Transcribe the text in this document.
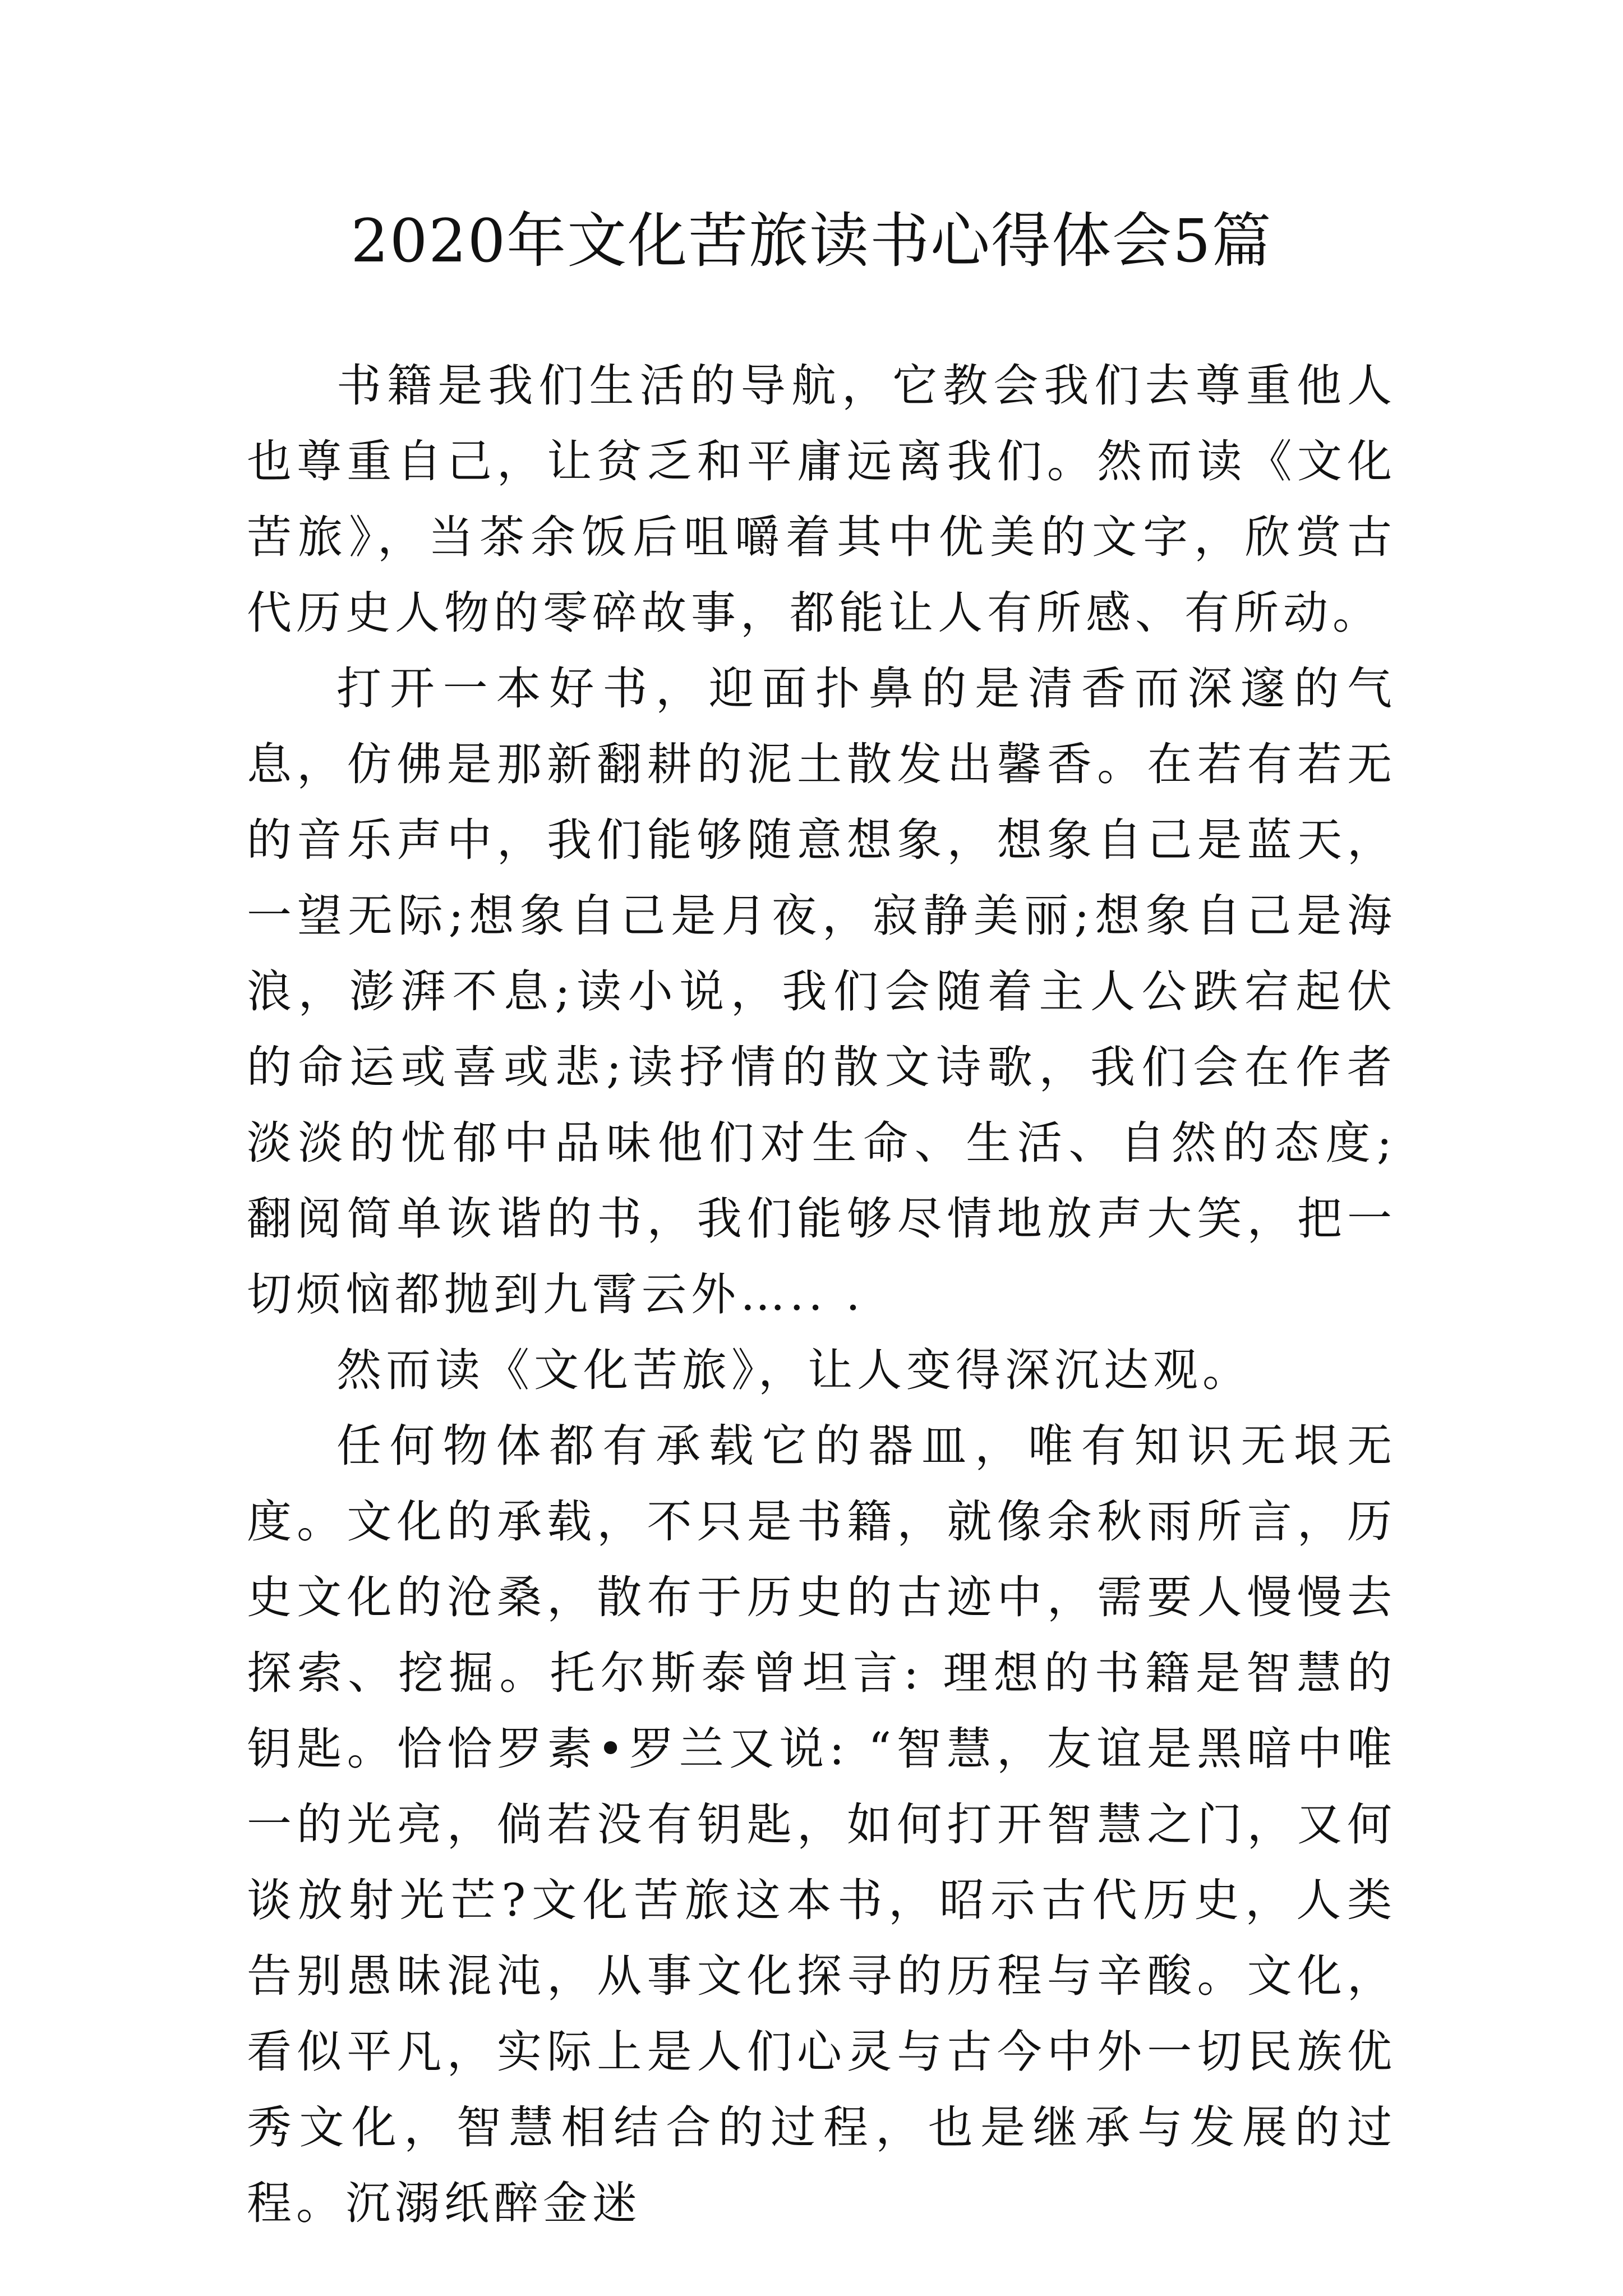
2020年文化苦旅读书心得体会5篇

书籍是我们生活的导航，它教会我们去尊重他人也尊重自己，让贫乏和平庸远离我们。然而读《文化苦旅》，当茶余饭后咀嚼着其中优美的文字，欣赏古代历史人物的零碎故事，都能让人有所感、有所动。

打开一本好书，迎面扑鼻的是清香而深邃的气息，仿佛是那新翻耕的泥土散发出馨香。在若有若无的音乐声中，我们能够随意想象，想象自己是蓝天，一望无际;想象自己是月夜，寂静美丽;想象自己是海浪，澎湃不息;读小说，我们会随着主人公跌宕起伏的命运或喜或悲;读抒情的散文诗歌，我们会在作者淡淡的忧郁中品味他们对生命、生活、自然的态度;翻阅简单诙谐的书，我们能够尽情地放声大笑，把一切烦恼都抛到九霄云外….. .

然而读《文化苦旅》，让人变得深沉达观。

任何物体都有承载它的器皿，唯有知识无垠无度。文化的承载，不只是书籍，就像余秋雨所言，历史文化的沧桑，散布于历史的古迹中，需要人慢慢去探索、挖掘。托尔斯泰曾坦言: 理想的书籍是智慧的钥匙。恰恰罗素•罗兰又说: “智慧，友谊是黑暗中唯一的光亮，倘若没有钥匙，如何打开智慧之门，又何谈放射光芒?文化苦旅这本书，昭示古代历史，人类告别愚昧混沌，从事文化探寻的历程与辛酸。文化，看似平凡，实际上是人们心灵与古今中外一切民族优秀文化，智慧相结合的过程，也是继承与发展的过程。沉溺纸醉金迷
